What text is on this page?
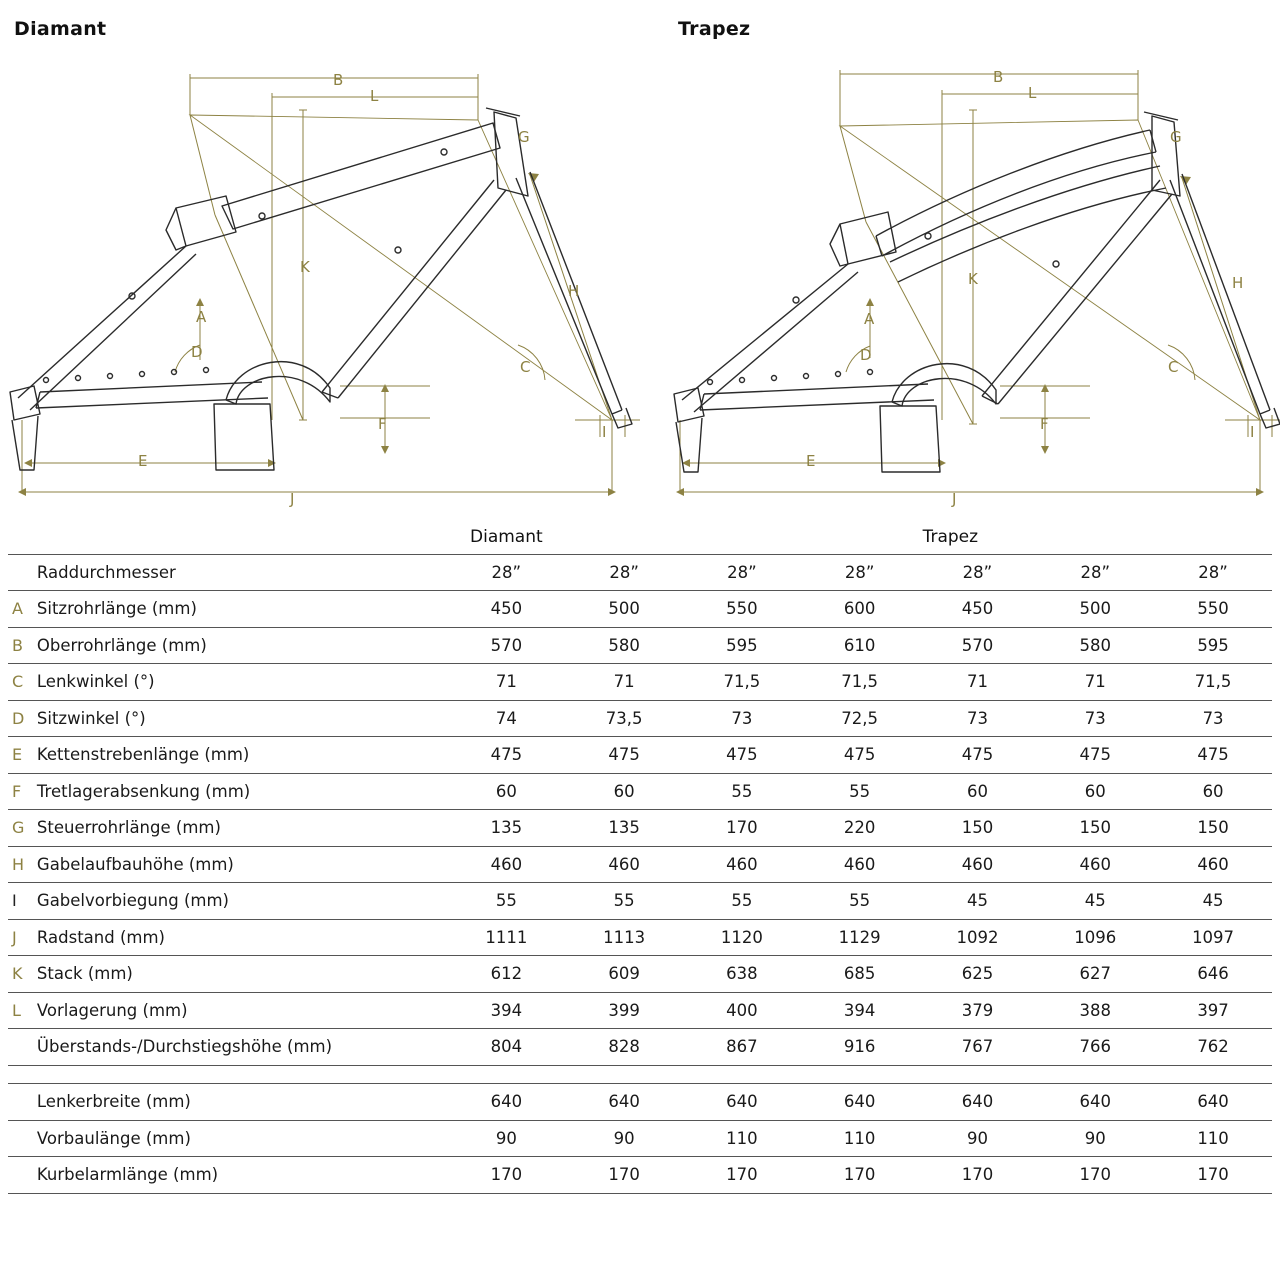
Diamant	Trapez
B
L
G
K
A
D
H
C
F	I
E
J
B
L
G
K
A
D
H
C
F	I
E
J
		Diamant				Trapez		
	Raddurchmesser	28”	28”	28”	28”	28”	28”	28”
A	Sitzrohrlänge (mm)	450	500	550	600	450	500	550
B	Oberrohrlänge (mm)	570	580	595	610	570	580	595
C	Lenkwinkel (°)	71	71	71,5	71,5	71	71	71,5
D	Sitzwinkel (°)	74	73,5	73	72,5	73	73	73
E	Kettenstrebenlänge (mm)	475	475	475	475	475	475	475
F	Tretlagerabsenkung (mm)	60	60	55	55	60	60	60
G	Steuerrohrlänge (mm)	135	135	170	220	150	150	150
H	Gabelaufbauhöhe (mm)	460	460	460	460	460	460	460
I	Gabelvorbiegung (mm)	55	55	55	55	45	45	45
J	Radstand (mm)	1111	1113	1120	1129	1092	1096	1097
K	Stack (mm)	612	609	638	685	625	627	646
L	Vorlagerung (mm)	394	399	400	394	379	388	397
	Überstands-/Durchstiegshöhe (mm)	804	828	867	916	767	766	762

	Lenkerbreite (mm)	640	640	640	640	640	640	640
	Vorbaulänge (mm)	90	90	110	110	90	90	110
	Kurbelarmlänge (mm)	170	170	170	170	170	170	170
